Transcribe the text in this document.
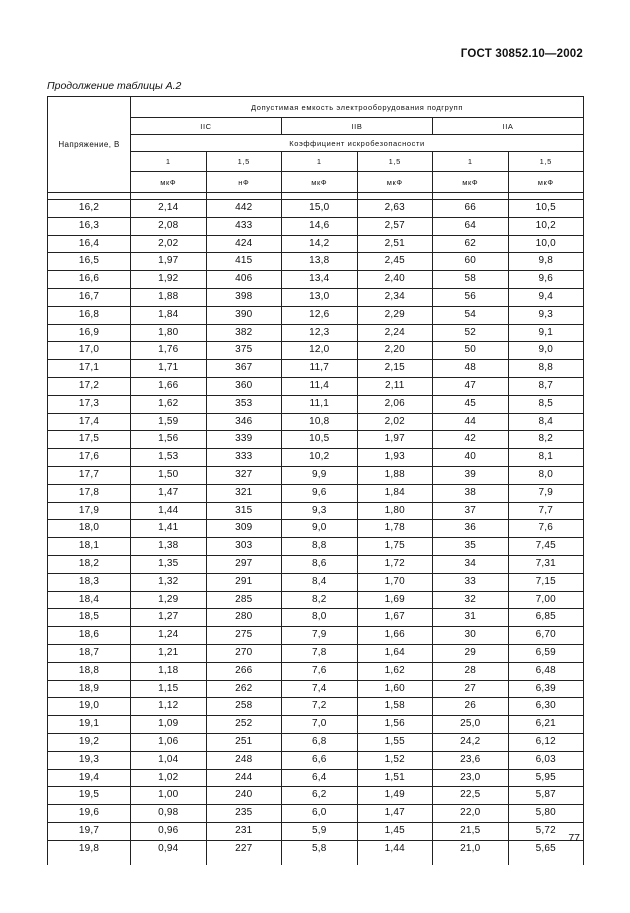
ГОСТ 30852.10—2002
Продолжение таблицы А.2
Напряжение, В	Допустимая емкость электрооборудования подгрупп					
	IIC		IIB		IIA	
	Коэффициент искробезопасности					
	1	1,5	1	1,5	1	1,5
	мкФ	нФ	мкФ	мкФ	мкФ	мкФ

16,2	2,14	442	15,0	2,63	66	10,5
16,3	2,08	433	14,6	2,57	64	10,2
16,4	2,02	424	14,2	2,51	62	10,0
16,5	1,97	415	13,8	2,45	60	9,8
16,6	1,92	406	13,4	2,40	58	9,6
16,7	1,88	398	13,0	2,34	56	9,4
16,8	1,84	390	12,6	2,29	54	9,3
16,9	1,80	382	12,3	2,24	52	9,1
17,0	1,76	375	12,0	2,20	50	9,0
17,1	1,71	367	11,7	2,15	48	8,8
17,2	1,66	360	11,4	2,11	47	8,7
17,3	1,62	353	11,1	2,06	45	8,5
17,4	1,59	346	10,8	2,02	44	8,4
17,5	1,56	339	10,5	1,97	42	8,2
17,6	1,53	333	10,2	1,93	40	8,1
17,7	1,50	327	9,9	1,88	39	8,0
17,8	1,47	321	9,6	1,84	38	7,9
17,9	1,44	315	9,3	1,80	37	7,7
18,0	1,41	309	9,0	1,78	36	7,6
18,1	1,38	303	8,8	1,75	35	7,45
18,2	1,35	297	8,6	1,72	34	7,31
18,3	1,32	291	8,4	1,70	33	7,15
18,4	1,29	285	8,2	1,69	32	7,00
18,5	1,27	280	8,0	1,67	31	6,85
18,6	1,24	275	7,9	1,66	30	6,70
18,7	1,21	270	7,8	1,64	29	6,59
18,8	1,18	266	7,6	1,62	28	6,48
18,9	1,15	262	7,4	1,60	27	6,39
19,0	1,12	258	7,2	1,58	26	6,30
19,1	1,09	252	7,0	1,56	25,0	6,21
19,2	1,06	251	6,8	1,55	24,2	6,12
19,3	1,04	248	6,6	1,52	23,6	6,03
19,4	1,02	244	6,4	1,51	23,0	5,95
19,5	1,00	240	6,2	1,49	22,5	5,87
19,6	0,98	235	6,0	1,47	22,0	5,80
19,7	0,96	231	5,9	1,45	21,5	5,72
19,8	0,94	227	5,8	1,44	21,0	5,65

77
